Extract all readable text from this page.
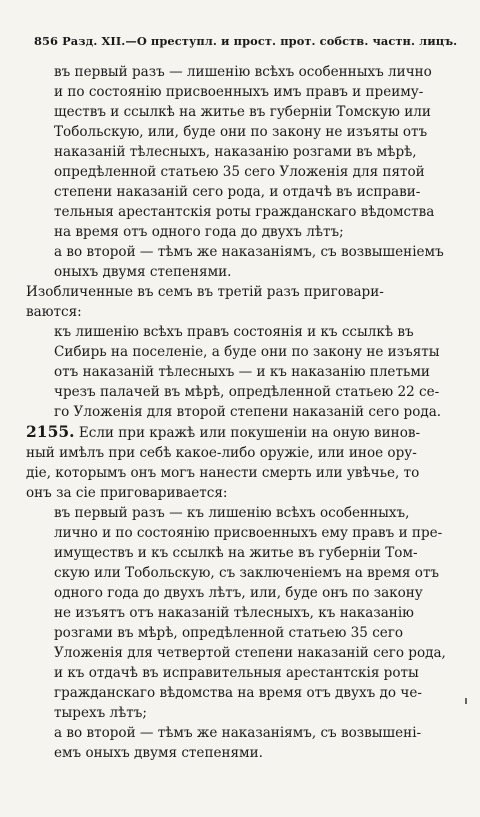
856 Разд. XII.—О преступл. и прост. прот. собств. частн. лицъ.
въ первый разъ — лишенію всѣхъ особенныхъ лично
и по состоянію присвоенныхъ имъ правъ и преиму-
ществъ и ссылкѣ на житье въ губерніи Томскую или
Тобольскую, или, буде они по закону не изъяты отъ
наказаній тѣлесныхъ, наказанію розгами въ мѣрѣ,
опредѣленной статьею 35 сего Уложенія для пятой
степени наказаній сего рода, и отдачѣ въ исправи-
тельныя арестантскія роты гражданскаго вѣдомства
на время отъ одного года до двухъ лѣтъ;
а во второй — тѣмъ же наказаніямъ, съ возвышеніемъ
оныхъ двумя степенями.
Изобличенные въ семъ въ третій разъ приговари-
ваются:
къ лишенію всѣхъ правъ состоянія и къ ссылкѣ въ
Сибирь на поселеніе, а буде они по закону не изъяты
отъ наказаній тѣлесныхъ — и къ наказанію плетьми
чрезъ палачей въ мѣрѣ, опредѣленной статьею 22 се-
го Уложенія для второй степени наказаній сего рода.
2155. Если при кражѣ или покушеніи на оную винов-
ный имѣлъ при себѣ какое-либо оружіе, или иное ору-
діе, которымъ онъ могъ нанести смерть или увѣчье, то
онъ за сіе приговаривается:
въ первый разъ — къ лишенію всѣхъ особенныхъ,
лично и по состоянію присвоенныхъ ему правъ и пре-
имуществъ и къ ссылкѣ на житье въ губерніи Том-
скую или Тобольскую, съ заключеніемъ на время отъ
одного года до двухъ лѣтъ, или, буде онъ по закону
не изъятъ отъ наказаній тѣлесныхъ, къ наказанію
розгами въ мѣрѣ, опредѣленной статьею 35 сего
Уложенія для четвертой степени наказаній сего рода,
и къ отдачѣ въ исправительныя арестантскія роты
гражданскаго вѣдомства на время отъ двухъ до че-
тырехъ лѣтъ;
а во второй — тѣмъ же наказаніямъ, съ возвышені-
емъ оныхъ двумя степенями.
